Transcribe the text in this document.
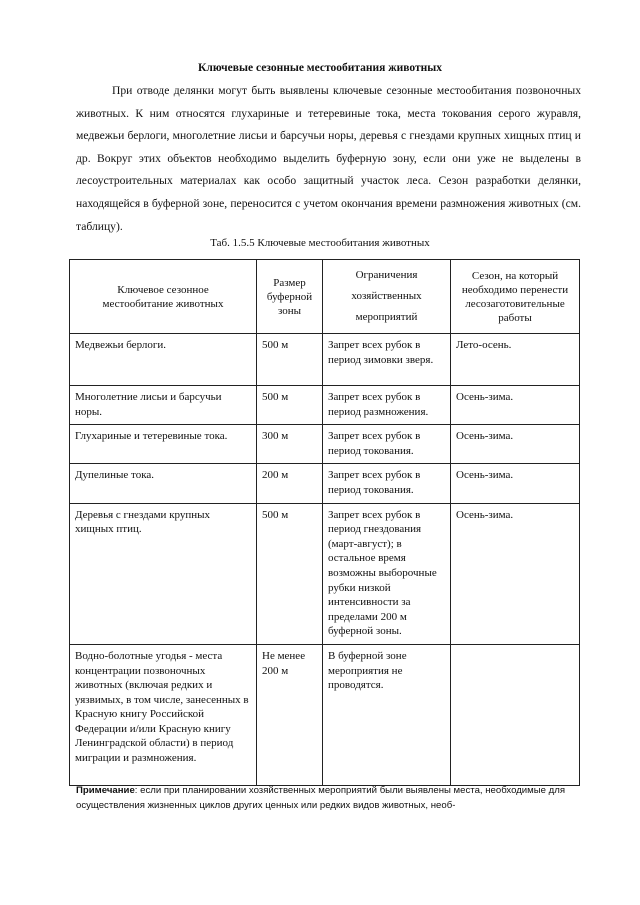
Ключевые сезонные местообитания животных

При отводе делянки могут быть выявлены ключевые сезонные местообитания позвоночных животных. К ним относятся глухариные и тетеревиные тока, места токования серого журавля, медвежьи берлоги, многолетние лисьи и барсучьи норы, деревья с гнездами крупных хищных птиц и др. Вокруг этих объектов необходимо выделить буферную зону, если они уже не выделены в лесоустроительных материалах как особо защитный участок леса. Сезон разработки делянки, находящейся в буферной зоне, переносится с учетом окончания времени размножения животных (см. таблицу).

Таб. 1.5.5 Ключевые местообитания животных
Ключевое сезонное местообитание животных	Размер буферной зоны	Ограничения хозяйственных мероприятий	Сезон, на который необходимо перенести лесозаготовительные работы
Медвежьи берлоги.	500 м	Запрет всех рубок в период зимовки зверя.	Лето-осень.
Многолетние лисьи и барсучьи норы.	500 м	Запрет всех рубок в период размножения.	Осень-зима.
Глухариные и тетеревиные тока.	300 м	Запрет всех рубок в период токования.	Осень-зима.
Дупелиные тока.	200 м	Запрет всех рубок в период токования.	Осень-зима.
Деревья с гнездами крупных хищных птиц.	500 м	Запрет всех рубок в период гнездования (март-август); в остальное время возможны выборочные рубки низкой интенсивности за пределами 200 м буферной зоны.	Осень-зима.
Водно-болотные угодья - места концентрации позвоночных животных (включая редких и уязвимых, в том числе, занесенных в Красную книгу Российской Федерации и/или Красную книгу Ленинградской области) в период миграции и размножения.	Не менее 200 м	В буферной зоне мероприятия не проводятся.	
Примечание: если при планировании хозяйственных мероприятий были выявлены места, необходимые для осуществления жизненных циклов других ценных или редких видов животных, необ-
